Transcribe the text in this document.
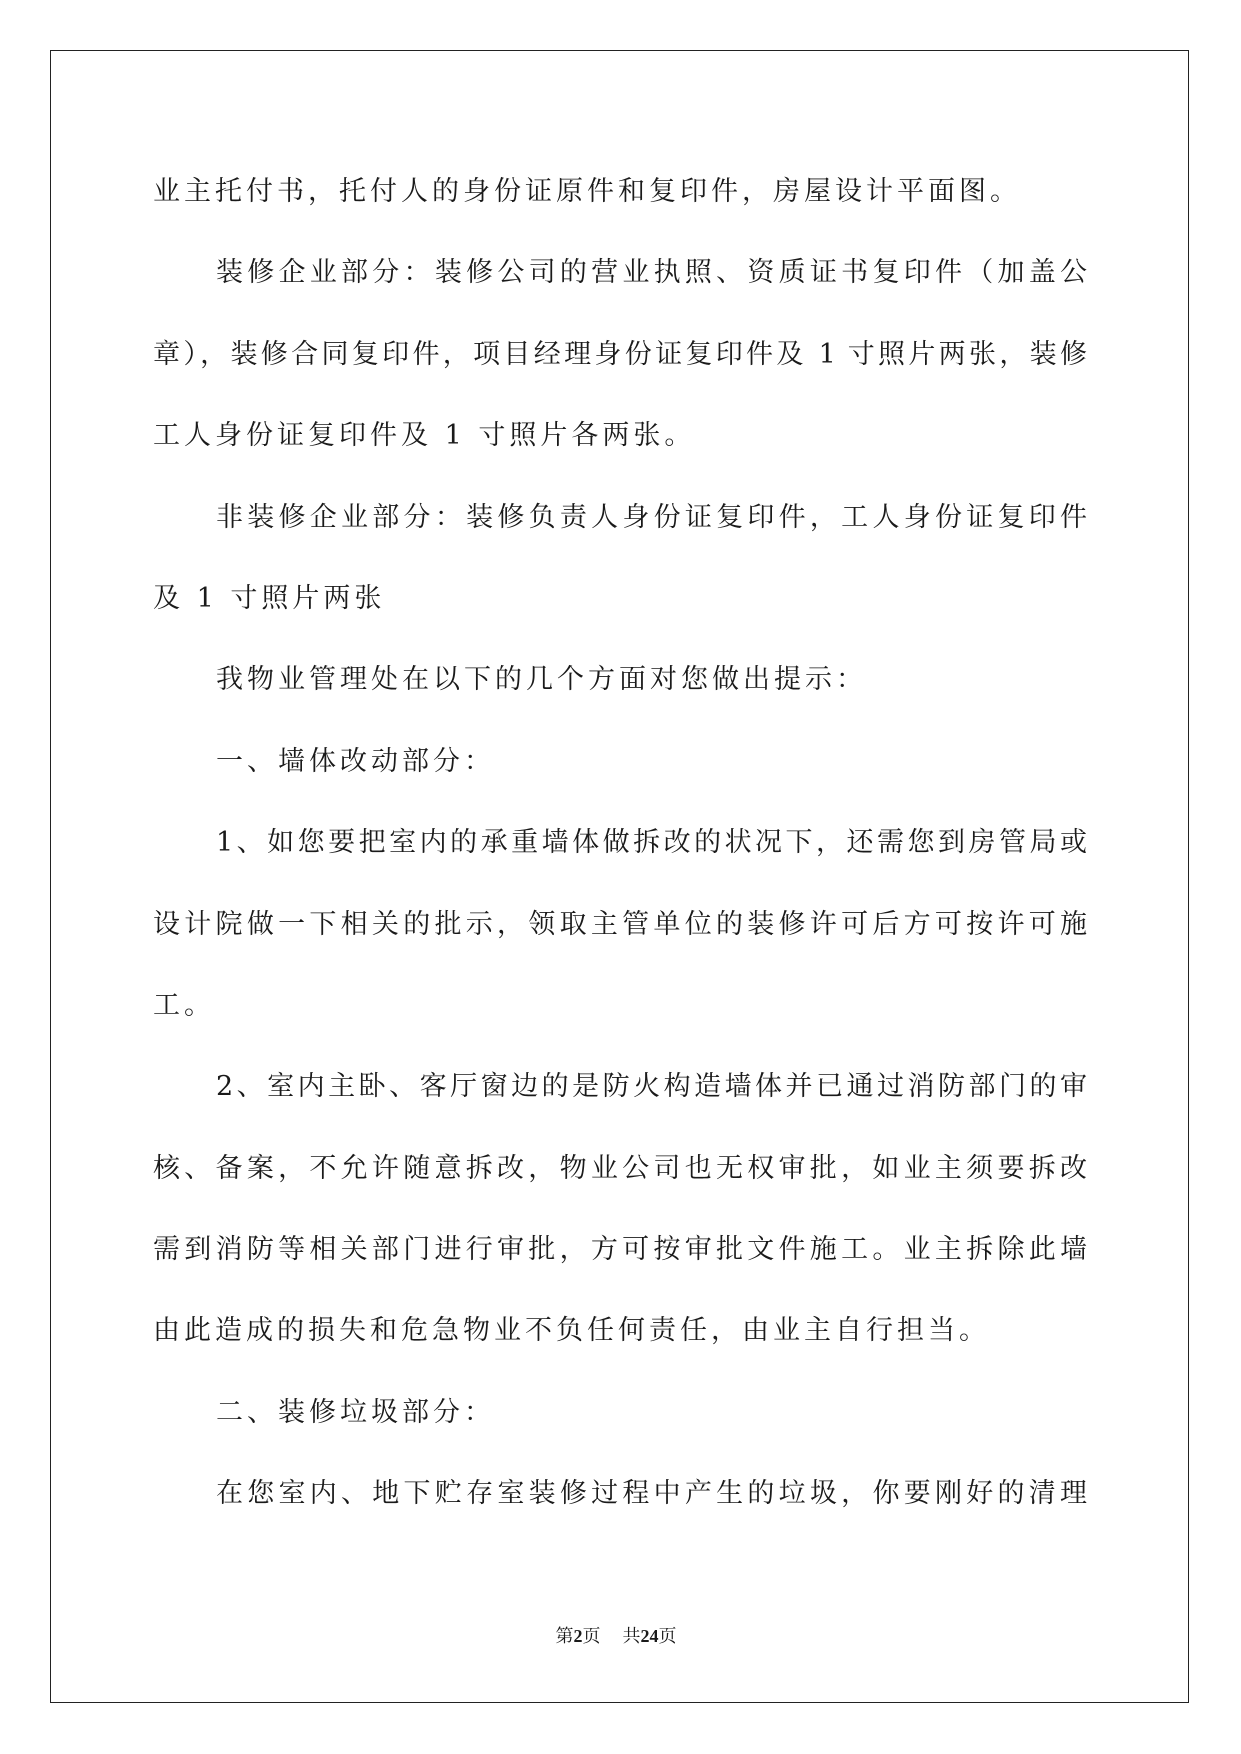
业主托付书，托付人的身份证原件和复印件，房屋设计平面图。
装修企业部分：装修公司的营业执照、资质证书复印件（加盖公
章），装修合同复印件，项目经理身份证复印件及 1 寸照片两张，装修
工人身份证复印件及 1 寸照片各两张。
非装修企业部分：装修负责人身份证复印件，工人身份证复印件
及 1 寸照片两张
我物业管理处在以下的几个方面对您做出提示：
一、墙体改动部分：
1、如您要把室内的承重墙体做拆改的状况下，还需您到房管局或
设计院做一下相关的批示，领取主管单位的装修许可后方可按许可施
工。
2、室内主卧、客厅窗边的是防火构造墙体并已通过消防部门的审
核、备案，不允许随意拆改，物业公司也无权审批，如业主须要拆改
需到消防等相关部门进行审批，方可按审批文件施工。业主拆除此墙
由此造成的损失和危急物业不负任何责任，由业主自行担当。
二、装修垃圾部分：
在您室内、地下贮存室装修过程中产生的垃圾，你要刚好的清理
第2页 共24页
